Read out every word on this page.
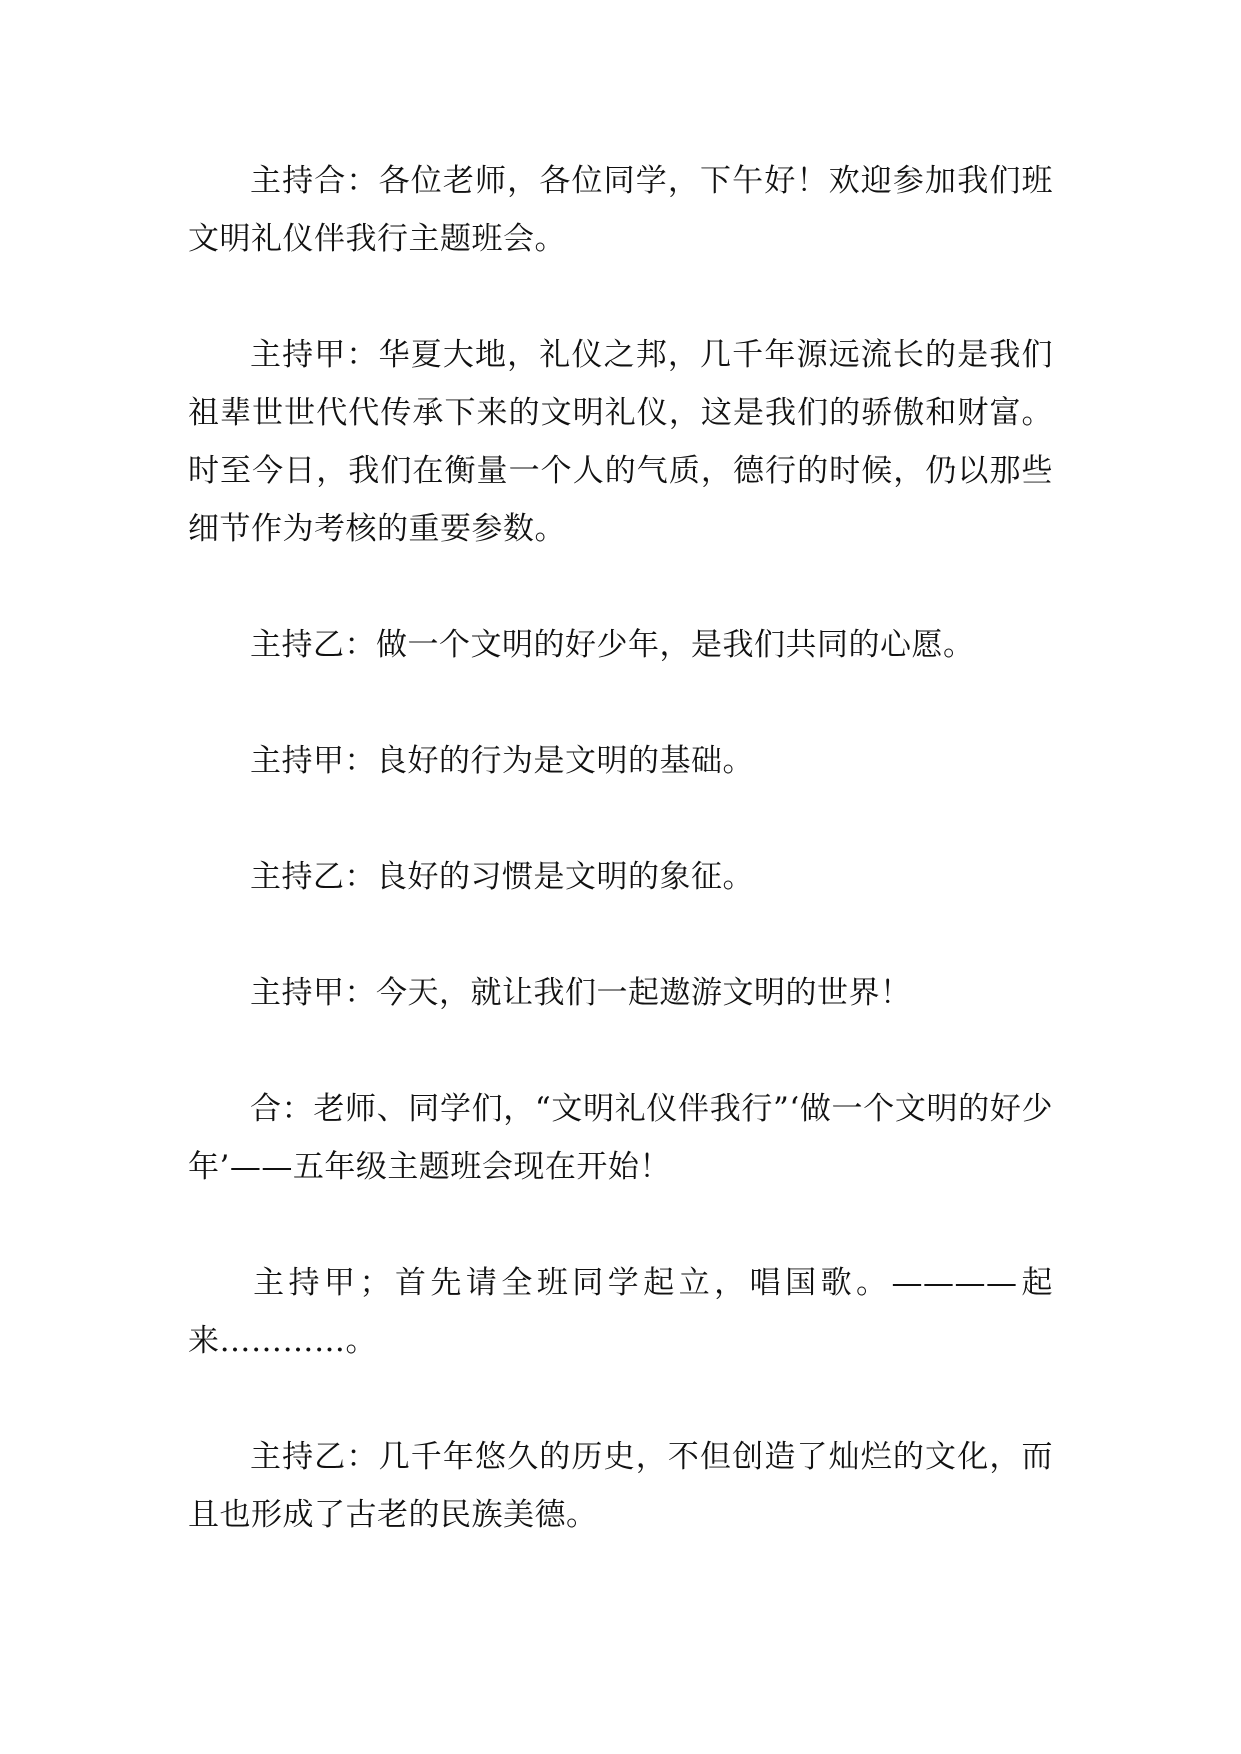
主持合：各位老师，各位同学，下午好！欢迎参加我们班文明礼仪伴我行主题班会。

主持甲：华夏大地，礼仪之邦，几千年源远流长的是我们祖辈世世代代传承下来的文明礼仪，这是我们的骄傲和财富。时至今日，我们在衡量一个人的气质，德行的时候，仍以那些细节作为考核的重要参数。

主持乙：做一个文明的好少年，是我们共同的心愿。

主持甲：良好的行为是文明的基础。

主持乙：良好的习惯是文明的象征。

主持甲：今天，就让我们一起遨游文明的世界！

合：老师、同学们，“文明礼仪伴我行”‘做一个文明的好少年’——五年级主题班会现在开始！

主持甲；首先请全班同学起立，唱国歌。————起来…………。

主持乙：几千年悠久的历史，不但创造了灿烂的文化，而且也形成了古老的民族美德。
